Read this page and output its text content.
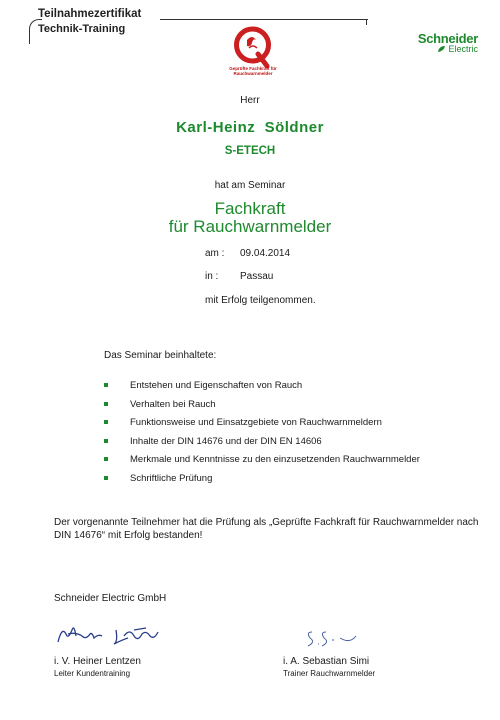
Teilnahmezertifikat
Technik-Training
Geprüfte Fachkraft für Rauchwarnmelder
Schneider
Electric
Herr
Karl-Heinz  Söldner
S-ETECH
hat am Seminar
Fachkraft
für Rauchwarnmelder
am : 09.04.2014
in : Passau
mit Erfolg teilgenommen.
Das Seminar beinhaltete:
Entstehen und Eigenschaften von Rauch
Verhalten bei Rauch
Funktionsweise und Einsatzgebiete von Rauchwarnmeldern
Inhalte der DIN 14676 und der DIN EN 14606
Merkmale und Kenntnisse zu den einzusetzenden Rauchwarnmelder
Schriftliche Prüfung
Der vorgenannte Teilnehmer hat die Prüfung als „Geprüfte Fachkraft für Rauchwarnmelder nach DIN 14676“ mit Erfolg bestanden!
Schneider Electric GmbH
i. V. Heiner Lentzen
Leiter Kundentraining
i. A. Sebastian Simi
Trainer Rauchwarnmelder
